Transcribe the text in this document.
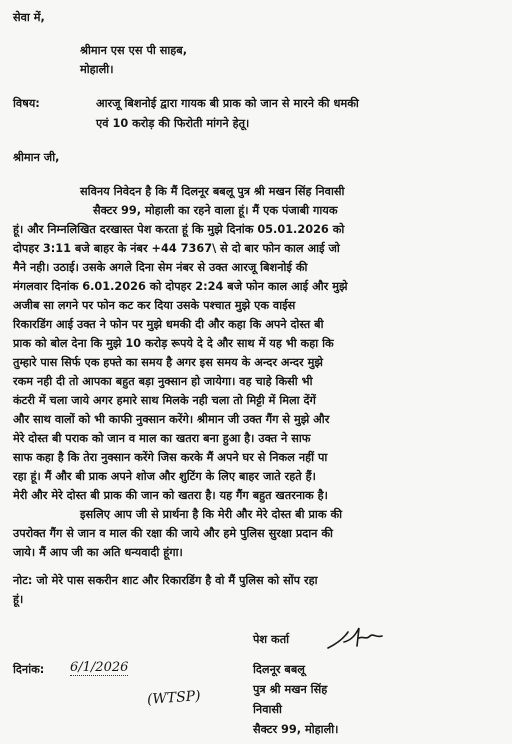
सेवा में,
श्रीमान एस एस पी साहब,
मोहाली।
विषय:	आरजू बिशनोई द्वारा गायक बी प्राक को जान से मारने की धमकी
एवं 10 करोड़ की फिरोती मांगने हेतू।
श्रीमान जी,
सविनय निवेदन है कि मैं दिलनूर बबलू पुत्र श्री मखन सिंह निवासी
सैक्टर 99, मोहाली का रहने वाला हूं। मैं एक पंजाबी गायक
हूं। और निम्नलिखित दरखास्त पेश करता हूं कि मुझे दिनांक 05.01.2026 को
दोपहर 3:11 बजे बाहर के नंबर +44 7367\ से दो बार फोन काल आई जो
मैने नही। उठाई। उसके अगले दिना सेम नंबर से उक्त आरजू बिशनोई की
मंगलवार दिनांक 6.01.2026 को दोपहर 2:24 बजे फोन काल आई और मुझे
अजीब सा लगने पर फोन कट कर दिया उसके पश्चात मुझे एक वाईस
रिकारडिंग आई उक्त ने फोन पर मुझे धमकी दी और कहा कि अपने दोस्त बी
प्राक को बोल देना कि मुझे 10 करोड़ रूपये दे दे और साथ में यह भी कहा कि
तुम्हारे पास सिर्फ एक हफ्ते का समय है अगर इस समय के अन्दर अन्दर मुझे
रकम नही दी तो आपका बहुत बड़ा नुक्सान हो जायेगा। वह चाहे किसी भी
कंटरी में चला जाये अगर हमारे साथ मिलके नही चला तो मिट्टी में मिला देंगें
और साथ वालों को भी काफी नुक्सान करेंगे। श्रीमान जी उक्त गैंग से मुझे और
मेरे दोस्त बी पराक को जान व माल का खतरा बना हुआ है। उक्त ने साफ
साफ कहा है कि तेरा नुक्सान करेंगे जिस करके मैं अपने घर से निकल नहीं पा
रहा हूं। मैं और बी प्राक अपने शोज और शुटिंग के लिए बाहर जाते रहते हैं।
मेरी और मेरे दोस्त बी प्राक की जान को खतरा है। यह गैंग बहुत खतरनाक है।
इसलिए आप जी से प्रार्थना है कि मेरी और मेरे दोस्त बी प्राक की
उपरोक्त गैंग से जान व माल की रक्षा की जाये और हमे पुलिस सुरक्षा प्रदान की
जाये। मैं आप जी का अति धन्यवादी हूंगा।
नोट: जो मेरे पास सकरीन शाट और रिकारडिंग है वो मैं पुलिस को सोंप रहा
हूं।
पेश कर्ता
दिनांक: 6/1/2026
(WTSP)
दिलनूर बबलू
पुत्र श्री मखन सिंह
निवासी
सैक्टर 99, मोहाली।
